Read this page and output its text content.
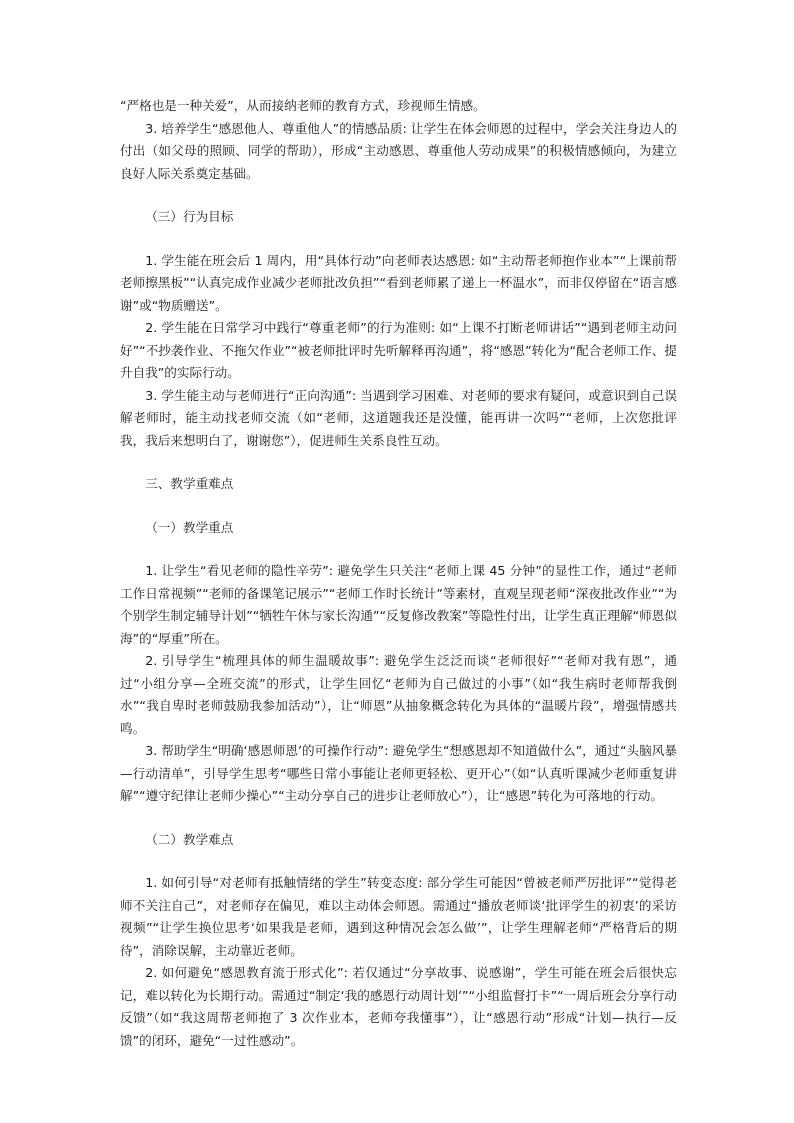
“严格也是一种关爱”，从而接纳老师的教育方式，珍视师生情感。

3. 培养学生“感恩他人、尊重他人”的情感品质: 让学生在体会师恩的过程中，学会关注身边人的付出（如父母的照顾、同学的帮助），形成“主动感恩、尊重他人劳动成果”的积极情感倾向，为建立良好人际关系奠定基础。

（三）行为目标

1. 学生能在班会后 1 周内，用“具体行动”向老师表达感恩: 如“主动帮老师抱作业本”“上课前帮老师擦黑板”“认真完成作业减少老师批改负担”“看到老师累了递上一杯温水”，而非仅停留在“语言感谢”或“物质赠送”。

2. 学生能在日常学习中践行“尊重老师”的行为准则: 如“上课不打断老师讲话”“遇到老师主动问好”“不抄袭作业、不拖欠作业”“被老师批评时先听解释再沟通”，将“感恩”转化为“配合老师工作、提升自我”的实际行动。

3. 学生能主动与老师进行“正向沟通”: 当遇到学习困难、对老师的要求有疑问，或意识到自己误解老师时，能主动找老师交流（如“老师，这道题我还是没懂，能再讲一次吗”“老师，上次您批评我，我后来想明白了，谢谢您”），促进师生关系良性互动。

三、教学重难点
（一）教学重点

1. 让学生“看见老师的隐性辛劳”: 避免学生只关注“老师上课 45 分钟”的显性工作，通过“老师工作日常视频”“老师的备课笔记展示”“老师工作时长统计”等素材，直观呈现老师“深夜批改作业”“为个别学生制定辅导计划”“牺牲午休与家长沟通”“反复修改教案”等隐性付出，让学生真正理解“师恩似海”的“厚重”所在。

2. 引导学生“梳理具体的师生温暖故事”: 避免学生泛泛而谈“老师很好”“老师对我有恩”，通过“小组分享—全班交流”的形式，让学生回忆“老师为自己做过的小事”（如“我生病时老师帮我倒水”“我自卑时老师鼓励我参加活动”），让“师恩”从抽象概念转化为具体的“温暖片段”，增强情感共鸣。

3. 帮助学生“明确‘感恩师恩’的可操作行动”: 避免学生“想感恩却不知道做什么”，通过“头脑风暴—行动清单”，引导学生思考“哪些日常小事能让老师更轻松、更开心”（如“认真听课减少老师重复讲解”“遵守纪律让老师少操心”“主动分享自己的进步让老师放心”），让“感恩”转化为可落地的行动。

（二）教学难点

1. 如何引导“对老师有抵触情绪的学生”转变态度: 部分学生可能因“曾被老师严厉批评”“觉得老师不关注自己”，对老师存在偏见，难以主动体会师恩。需通过“播放老师谈‘批评学生的初衷’的采访视频”“让学生换位思考‘如果我是老师，遇到这种情况会怎么做’”，让学生理解老师“严格背后的期待”，消除误解，主动靠近老师。

2. 如何避免“感恩教育流于形式化”: 若仅通过“分享故事、说感谢”，学生可能在班会后很快忘记，难以转化为长期行动。需通过“制定‘我的感恩行动周计划’”“小组监督打卡”“一周后班会分享行动反馈”（如“我这周帮老师抱了 3 次作业本，老师夸我懂事”），让“感恩行动”形成“计划—执行—反馈”的闭环，避免“一过性感动”。
